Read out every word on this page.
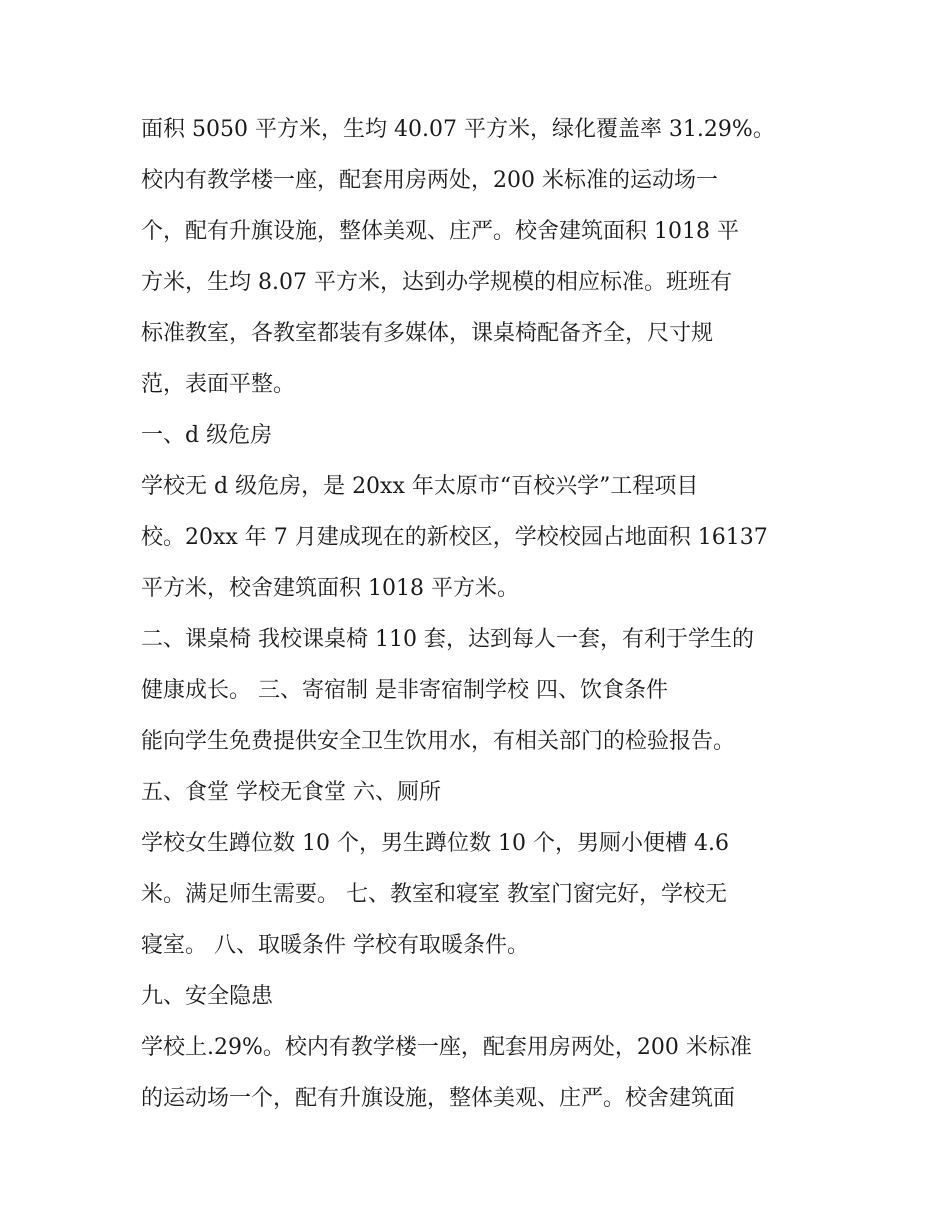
面积 5050 平方米，生均 40.07 平方米，绿化覆盖率 31.29%。
校内有教学楼一座，配套用房两处，200 米标准的运动场一
个，配有升旗设施，整体美观、庄严。校舍建筑面积 1018 平
方米，生均 8.07 平方米，达到办学规模的相应标准。班班有
标准教室，各教室都装有多媒体，课桌椅配备齐全，尺寸规
范，表面平整。
一、d 级危房
学校无 d 级危房，是 20xx 年太原市“百校兴学”工程项目
校。20xx 年 7 月建成现在的新校区，学校校园占地面积 16137
平方米，校舍建筑面积 1018 平方米。
二、课桌椅 我校课桌椅 110 套，达到每人一套，有利于学生的
健康成长。 三、寄宿制 是非寄宿制学校 四、饮食条件
能向学生免费提供安全卫生饮用水，有相关部门的检验报告。
五、食堂 学校无食堂 六、厕所
学校女生蹲位数 10 个，男生蹲位数 10 个，男厕小便槽 4.6
米。满足师生需要。 七、教室和寝室 教室门窗完好，学校无
寝室。 八、取暖条件 学校有取暖条件。
九、安全隐患
学校上.29%。校内有教学楼一座，配套用房两处，200 米标准
的运动场一个，配有升旗设施，整体美观、庄严。校舍建筑面
